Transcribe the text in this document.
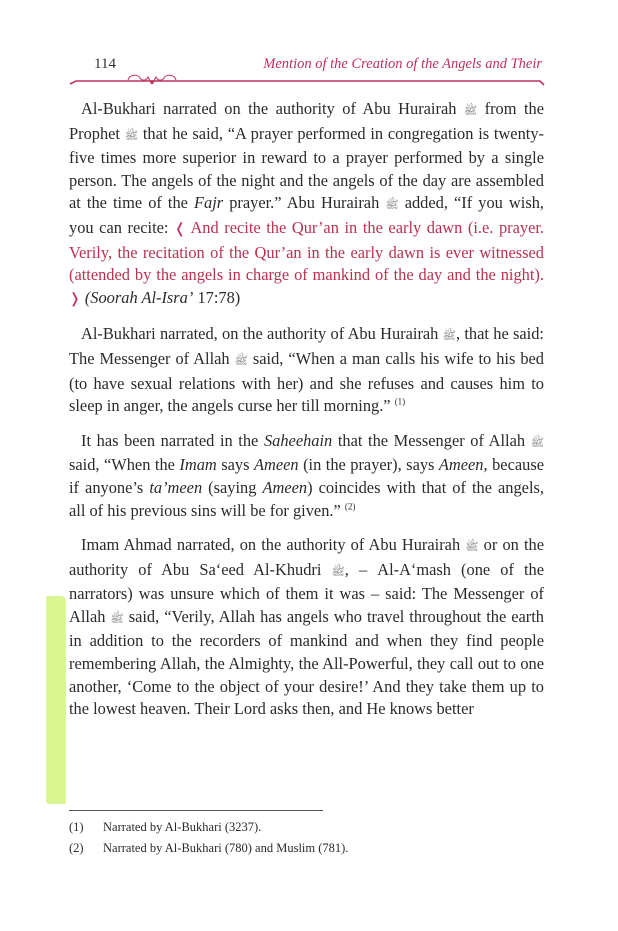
114	Mention of the Creation of the Angels and Their

Al-Bukhari narrated on the authority of Abu Hurairah ﷺ from the Prophet ﷺ that he said, “A prayer performed in congregation is twenty-five times more superior in reward to a prayer performed by a single person. The angels of the night and the angels of the day are assembled at the time of the Fajr prayer.” Abu Hurairah ﷺ added, “If you wish, you can recite: ❬ And recite the Qur’an in the early dawn (i.e. prayer. Verily, the recitation of the Qur’an in the early dawn is ever witnessed (attended by the angels in charge of mankind of the day and the night). ❭ (Soorah Al-Isra’ 17:78)

Al-Bukhari narrated, on the authority of Abu Hurairah ﷺ, that he said: The Messenger of Allah ﷺ said, “When a man calls his wife to his bed (to have sexual relations with her) and she refuses and causes him to sleep in anger, the angels curse her till morning.” $^{(1)}$

It has been narrated in the Saheehain that the Messenger of Allah ﷺ said, “When the Imam says Ameen (in the prayer), says Ameen, because if anyone’s ta’meen (saying Ameen) coincides with that of the angels, all of his previous sins will be for given.” $^{(2)}$

Imam Ahmad narrated, on the authority of Abu Hurairah ﷺ or on the authority of Abu Sa‘eed Al-Khudri ﷺ, – Al-A‘mash (one of the narrators) was unsure which of them it was – said: The Messenger of Allah ﷺ said, “Verily, Allah has angels who travel throughout the earth in addition to the recorders of mankind and when they find people remembering Allah, the Almighty, the All-Powerful, they call out to one another, ‘Come to the object of your desire!’ And they take them up to the lowest heaven. Their Lord asks then, and He knows better

(1)	Narrated by Al-Bukhari (3237).
(2)	Narrated by Al-Bukhari (780) and Muslim (781).
